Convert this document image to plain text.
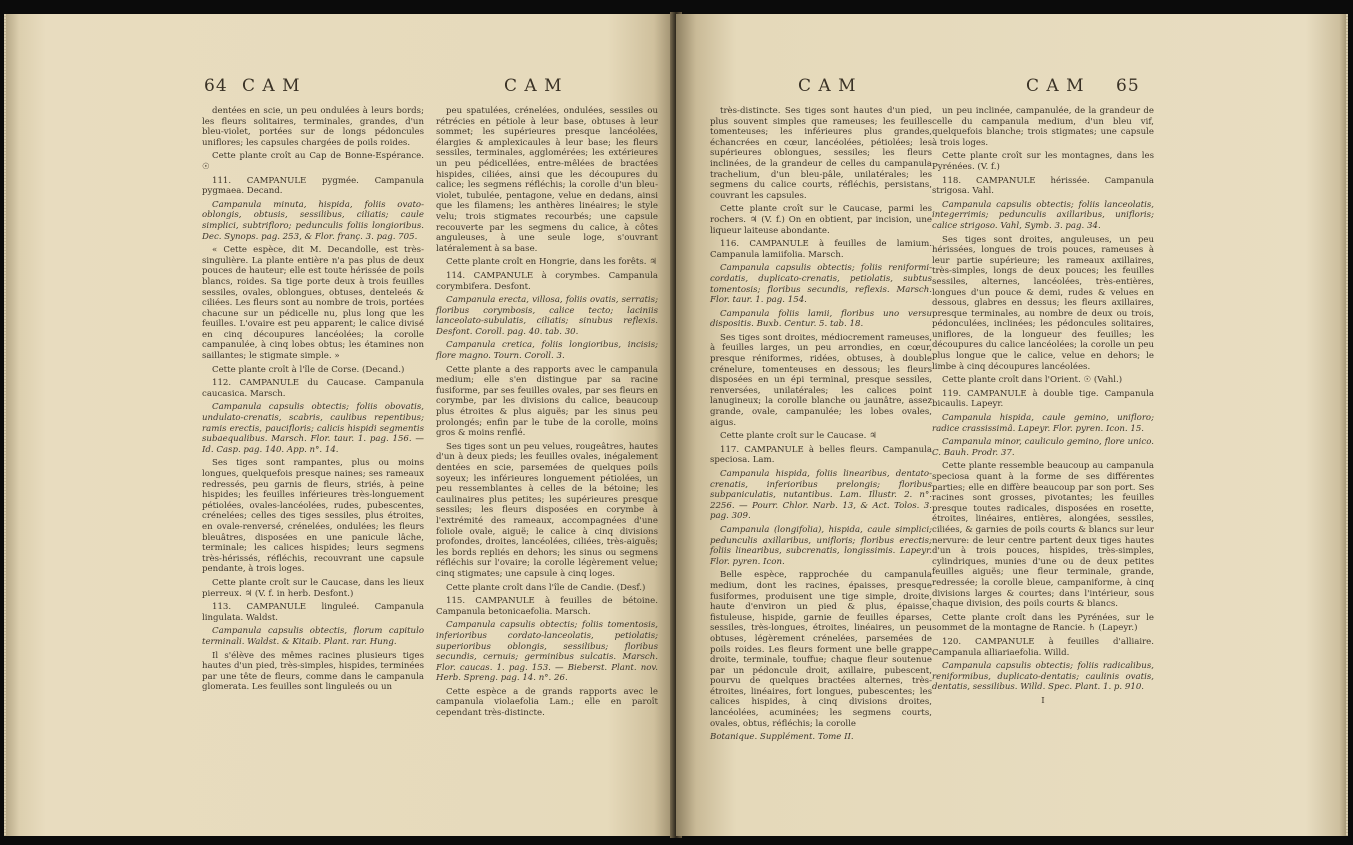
64 C A M	C A M

dentées en scie, un peu ondulées à leurs bords; les fleurs solitaires, terminales, grandes, d'un bleu-violet, portées sur de longs pédoncules uniflores; les capsules chargées de poils roides.

Cette plante croît au Cap de Bonne-Espérance. ☉

111. CAMPANULE pygmée. Campanula pygmaea. Decand.

Campanula minuta, hispida, foliis ovato-oblongis, obtusis, sessilibus, ciliatis; caule simplici, subtrifloro; pedunculis foliis longioribus. Dec. Synops. pag. 253, & Flor. franç. 3. pag. 705.

« Cette espèce, dit M. Decandolle, est très-singulière. La plante entière n'a pas plus de deux pouces de hauteur; elle est toute hérissée de poils blancs, roides. Sa tige porte deux à trois feuilles sessiles, ovales, oblongues, obtuses, denteleés & ciliées. Les fleurs sont au nombre de trois, portées chacune sur un pédicelle nu, plus long que les feuilles. L'ovaire est peu apparent; le calice divisé en cinq découpures lancéolées; la corolle campanulée, à cinq lobes obtus; les étamines non saillantes; le stigmate simple. »

Cette plante croît à l'île de Corse. (Decand.)

112. CAMPANULE du Caucase. Campanula caucasica. Marsch.

Campanula capsulis obtectis; foliis obovatis, undulato-crenatis, scabris, caulibus repentibus; ramis erectis, paucifloris; calicis hispidi segmentis subaequalibus. Marsch. Flor. taur. 1. pag. 156. — Id. Casp. pag. 140. App. n°. 14.

Ses tiges sont rampantes, plus ou moins longues, quelquefois presque naines; ses rameaux redressés, peu garnis de fleurs, striés, à peine hispides; les feuilles inférieures très-longuement pétiolées, ovales-lancéolées, rudes, pubescentes, crénelées; celles des tiges sessiles, plus étroites, en ovale-renversé, crénelées, ondulées; les fleurs bleuâtres, disposées en une panicule lâche, terminale; les calices hispides; leurs segmens très-hérissés, réfléchis, recouvrant une capsule pendante, à trois loges.

Cette plante croît sur le Caucase, dans les lieux pierreux. ♃ (V. f. in herb. Desfont.)

113. CAMPANULE linguleé. Campanula lingulata. Waldst.

Campanula capsulis obtectis, florum capitulo terminali. Waldst. & Kitaib. Plant. rar. Hung.

Il s'élève des mêmes racines plusieurs tiges hautes d'un pied, très-simples, hispides, terminées par une tête de fleurs, comme dans le campanula glomerata. Les feuilles sont linguleés ou un

peu spatulées, crénelées, ondulées, sessiles ou rétrécies en pétiole à leur base, obtuses à leur sommet; les supérieures presque lancéolées, élargies & amplexicaules à leur base; les fleurs sessiles, terminales, agglomérées; les extérieures un peu pédicellées, entre-mêlées de bractées hispides, ciliées, ainsi que les découpures du calice; les segmens réfléchis; la corolle d'un bleu-violet, tubulée, pentagone, velue en dedans, ainsi que les filamens; les anthères linéaires; le style velu; trois stigmates recourbés; une capsule recouverte par les segmens du calice, à côtes anguleuses, à une seule loge, s'ouvrant latéralement à sa base.

Cette plante croît en Hongrie, dans les forêts. ♃

114. CAMPANULE à corymbes. Campanula corymbifera. Desfont.

Campanula erecta, villosa, foliis ovatis, serratis; floribus corymbosis, calice tecto; laciniis lanceolato-subulatis, ciliatis; sinubus reflexis. Desfont. Coroll. pag. 40. tab. 30.

Campanula cretica, foliis longioribus, incisis; flore magno. Tourn. Coroll. 3.

Cette plante a des rapports avec le campanula medium; elle s'en distingue par sa racine fusiforme, par ses feuilles ovales, par ses fleurs en corymbe, par les divisions du calice, beaucoup plus étroites & plus aiguës; par les sinus peu prolongés; enfin par le tube de la corolle, moins gros & moins renflé.

Ses tiges sont un peu velues, rougeâtres, hautes d'un à deux pieds; les feuilles ovales, inégalement dentées en scie, parsemées de quelques poils soyeux; les inférieures longuement pétiolées, un peu ressemblantes à celles de la bétoine; les caulinaires plus petites; les supérieures presque sessiles; les fleurs disposées en corymbe à l'extrémité des rameaux, accompagnées d'une foliole ovale, aiguë; le calice à cinq divisions profondes, droites, lancéolées, ciliées, très-aiguës; les bords repliés en dehors; les sinus ou segmens réfléchis sur l'ovaire; la corolle légèrement velue; cinq stigmates; une capsule à cinq loges.

Cette plante croît dans l'île de Candie. (Desf.)

115. CAMPANULE à feuilles de bétoine. Campanula betonicaefolia. Marsch.

Campanula capsulis obtectis; foliis tomentosis, inferioribus cordato-lanceolatis, petiolatis; superioribus oblongis, sessilibus; floribus secundis, cernuis; germinibus sulcatis. Marsch. Flor. caucas. 1. pag. 153. — Bieberst. Plant. nov. Herb. Spreng. pag. 14. n°. 26.

Cette espèce a de grands rapports avec le campanula violaefolia Lam.; elle en paroît cependant très-distincte.

C A M	C A M 65

très-distincte. Ses tiges sont hautes d'un pied, plus souvent simples que rameuses; les feuilles tomenteuses; les inférieures plus grandes, échancrées en cœur, lancéolées, pétiolées; les supérieures oblongues, sessiles; les fleurs inclinées, de la grandeur de celles du campanula trachelium, d'un bleu-pâle, unilatérales; les segmens du calice courts, réfléchis, persistans, couvrant les capsules.

Cette plante croît sur le Caucase, parmi les rochers. ♃ (V. f.) On en obtient, par incision, une liqueur laiteuse abondante.

116. CAMPANULE à feuilles de lamium. Campanula lamiifolia. Marsch.

Campanula capsulis obtectis; foliis reniformi-cordatis, duplicato-crenatis, petiolatis, subtus tomentosis; floribus secundis, reflexis. Marsch. Flor. taur. 1. pag. 154.

Campanula foliis lamii, floribus uno versu dispositis. Buxb. Centur. 5. tab. 18.

Ses tiges sont droites, médiocrement rameuses, à feuilles larges, un peu arrondies, en cœur, presque réniformes, ridées, obtuses, à double crénelure, tomenteuses en dessous; les fleurs disposées en un épi terminal, presque sessiles, renversées, unilatérales; les calices point lanugineux; la corolle blanche ou jaunâtre, assez grande, ovale, campanulée; les lobes ovales, aigus.

Cette plante croît sur le Caucase. ♃

117. CAMPANULE à belles fleurs. Campanula speciosa. Lam.

Campanula hispida, foliis linearibus, dentato-crenatis, inferioribus prelongis; floribus subpaniculatis, nutantibus. Lam. Illustr. 2. n°. 2256. — Pourr. Chlor. Narb. 13, & Act. Tolos. 3. pag. 309.

Campanula (longifolia), hispida, caule simplici; pedunculis axillaribus, unifloris; floribus erectis; foliis linearibus, subcrenatis, longissimis. Lapeyr. Flor. pyren. Icon.

Belle espèce, rapprochée du campanula medium, dont les racines, épaisses, presque fusiformes, produisent une tige simple, droite, haute d'environ un pied & plus, épaisse, fistuleuse, hispide, garnie de feuilles éparses, sessiles, très-longues, étroites, linéaires, un peu obtuses, légèrement crénelées, parsemées de poils roides. Les fleurs forment une belle grappe droite, terminale, touffue; chaque fleur soutenue par un pédoncule droit, axillaire, pubescent, pourvu de quelques bractées alternes, très-étroites, linéaires, fort longues, pubescentes; les calices hispides, à cinq divisions droites, lancéolées, acuminées; les segmens courts, ovales, obtus, réfléchis; la corolle

Botanique. Supplément. Tome II.

un peu inclinée, campanulée, de la grandeur de celle du campanula medium, d'un bleu vif, quelquefois blanche; trois stigmates; une capsule à trois loges.

Cette plante croît sur les montagnes, dans les Pyrénées. (V. f.)

118. CAMPANULE hérissée. Campanula strigosa. Vahl.

Campanula capsulis obtectis; foliis lanceolatis, integerrimis; pedunculis axillaribus, unifloris; calice strigoso. Vahl, Symb. 3. pag. 34.

Ses tiges sont droites, anguleuses, un peu hérissées, longues de trois pouces, rameuses à leur partie supérieure; les rameaux axillaires, très-simples, longs de deux pouces; les feuilles sessiles, alternes, lancéolées, très-entières, longues d'un pouce & demi, rudes & velues en dessous, glabres en dessus; les fleurs axillaires, presque terminales, au nombre de deux ou trois, pédonculées, inclinées; les pédoncules solitaires, uniflores, de la longueur des feuilles; les découpures du calice lancéolées; la corolle un peu plus longue que le calice, velue en dehors; le limbe à cinq découpures lancéolées.

Cette plante croît dans l'Orient. ☉ (Vahl.)

119. CAMPANULE à double tige. Campanula bicaulis. Lapeyr.

Campanula hispida, caule gemino, unifloro; radice crassissimâ. Lapeyr. Flor. pyren. Icon. 15.

Campanula minor, cauliculo gemino, flore unico. C. Bauh. Prodr. 37.

Cette plante ressemble beaucoup au campanula speciosa quant à la forme de ses différentes parties; elle en diffère beaucoup par son port. Ses racines sont grosses, pivotantes; les feuilles presque toutes radicales, disposées en rosette, étroites, linéaires, entières, alongées, sessiles, ciliées, & garnies de poils courts & blancs sur leur nervure: de leur centre partent deux tiges hautes d'un à trois pouces, hispides, très-simples, cylindriques, munies d'une ou de deux petites feuilles aiguës; une fleur terminale, grande, redressée; la corolle bleue, campaniforme, à cinq divisions larges & courtes; dans l'intérieur, sous chaque division, des poils courts & blancs.

Cette plante croît dans les Pyrénées, sur le sommet de la montagne de Rancie. ♄ (Lapeyr.)

120. CAMPANULE à feuilles d'alliaire. Campanula alliariaefolia. Willd.

Campanula capsulis obtectis; foliis radicalibus, reniformibus, duplicato-dentatis; caulinis ovatis, dentatis, sessilibus. Willd. Spec. Plant. 1. p. 910.

I
